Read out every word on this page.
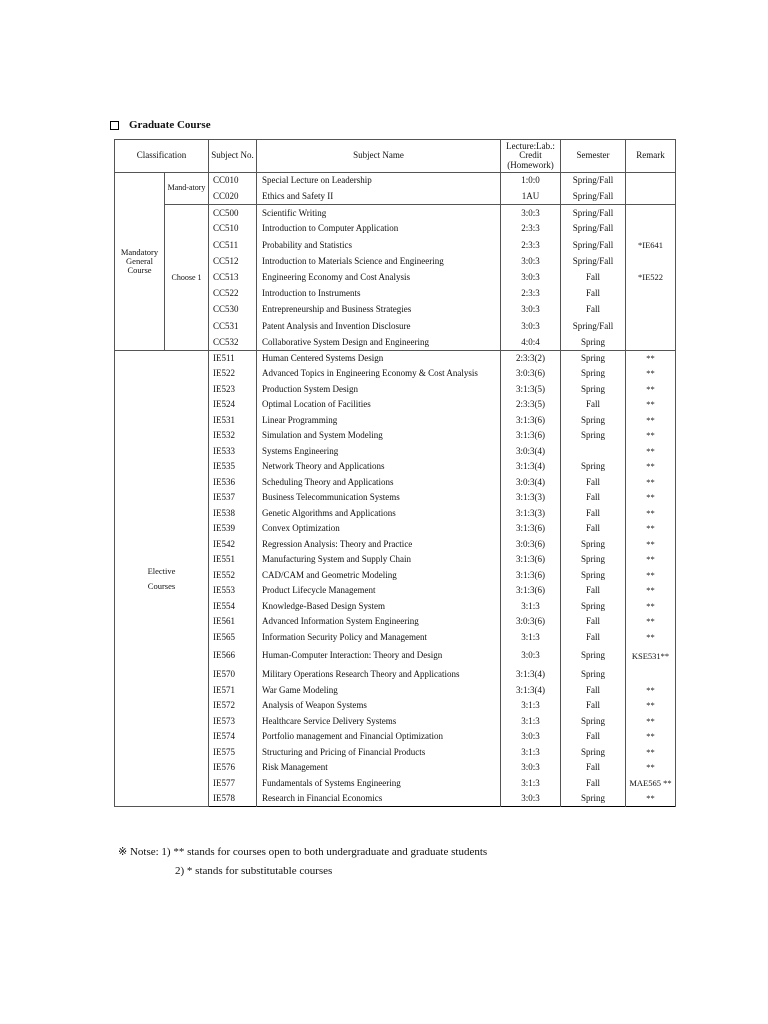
Graduate Course
Classification		Subject No.	Subject Name	Lecture:Lab.: Credit (Homework)	Semester	Remark
Mandatory General Course	Mand-atory	CC010	Special Lecture on Leadership	1:0:0	Spring/Fall	
		CC020	Ethics and Safety II	1AU	Spring/Fall	
	Choose 1	CC500	Scientific Writing	3:0:3	Spring/Fall	
		CC510	Introduction to Computer Application	2:3:3	Spring/Fall	
		CC511	Probability and Statistics	2:3:3	Spring/Fall	*IE641
		CC512	Introduction to Materials Science and Engineering	3:0:3	Spring/Fall	
		CC513	Engineering Economy and Cost Analysis	3:0:3	Fall	*IE522
		CC522	Introduction to Instruments	2:3:3	Fall	
		CC530	Entrepreneurship and Business Strategies	3:0:3	Fall	
		CC531	Patent Analysis and Invention Disclosure	3:0:3	Spring/Fall	
		CC532	Collaborative System Design and Engineering	4:0:4	Spring	

Elective
Courses		IE511	Human Centered Systems Design	2:3:3(2)	Spring	**
		IE522	Advanced Topics in Engineering Economy & Cost Analysis	3:0:3(6)	Spring	**
		IE523	Production System Design	3:1:3(5)	Spring	**
		IE524	Optimal Location of Facilities	2:3:3(5)	Fall	**
		IE531	Linear Programming	3:1:3(6)	Spring	**
		IE532	Simulation and System Modeling	3:1:3(6)	Spring	**
		IE533	Systems Engineering	3:0:3(4)		**
		IE535	Network Theory and Applications	3:1:3(4)	Spring	**
		IE536	Scheduling Theory and Applications	3:0:3(4)	Fall	**
		IE537	Business Telecommunication Systems	3:1:3(3)	Fall	**
		IE538	Genetic Algorithms and Applications	3:1:3(3)	Fall	**
		IE539	Convex Optimization	3:1:3(6)	Fall	**
		IE542	Regression Analysis: Theory and Practice	3:0:3(6)	Spring	**
		IE551	Manufacturing System and Supply Chain	3:1:3(6)	Spring	**
		IE552	CAD/CAM and Geometric Modeling	3:1:3(6)	Spring	**
		IE553	Product Lifecycle Management	3:1:3(6)	Fall	**
		IE554	Knowledge-Based Design System	3:1:3	Spring	**
		IE561	Advanced Information System Engineering	3:0:3(6)	Fall	**
		IE565	Information Security Policy and Management	3:1:3	Fall	**
		IE566	Human-Computer Interaction: Theory and Design	3:0:3	Spring	KSE531**
		IE570	Military Operations Research Theory and Applications	3:1:3(4)	Spring	
		IE571	War Game Modeling	3:1:3(4)	Fall	**
		IE572	Analysis of Weapon Systems	3:1:3	Fall	**
		IE573	Healthcare Service Delivery Systems	3:1:3	Spring	**
		IE574	Portfolio management and Financial Optimization	3:0:3	Fall	**
		IE575	Structuring and Pricing of Financial Products	3:1:3	Spring	**
		IE576	Risk Management	3:0:3	Fall	**
		IE577	Fundamentals of Systems Engineering	3:1:3	Fall	MAE565 **
		IE578	Research in Financial Economics	3:0:3	Spring	**
※ Notse: 1) ** stands for courses open to both undergraduate and graduate students
2) * stands for substitutable courses
